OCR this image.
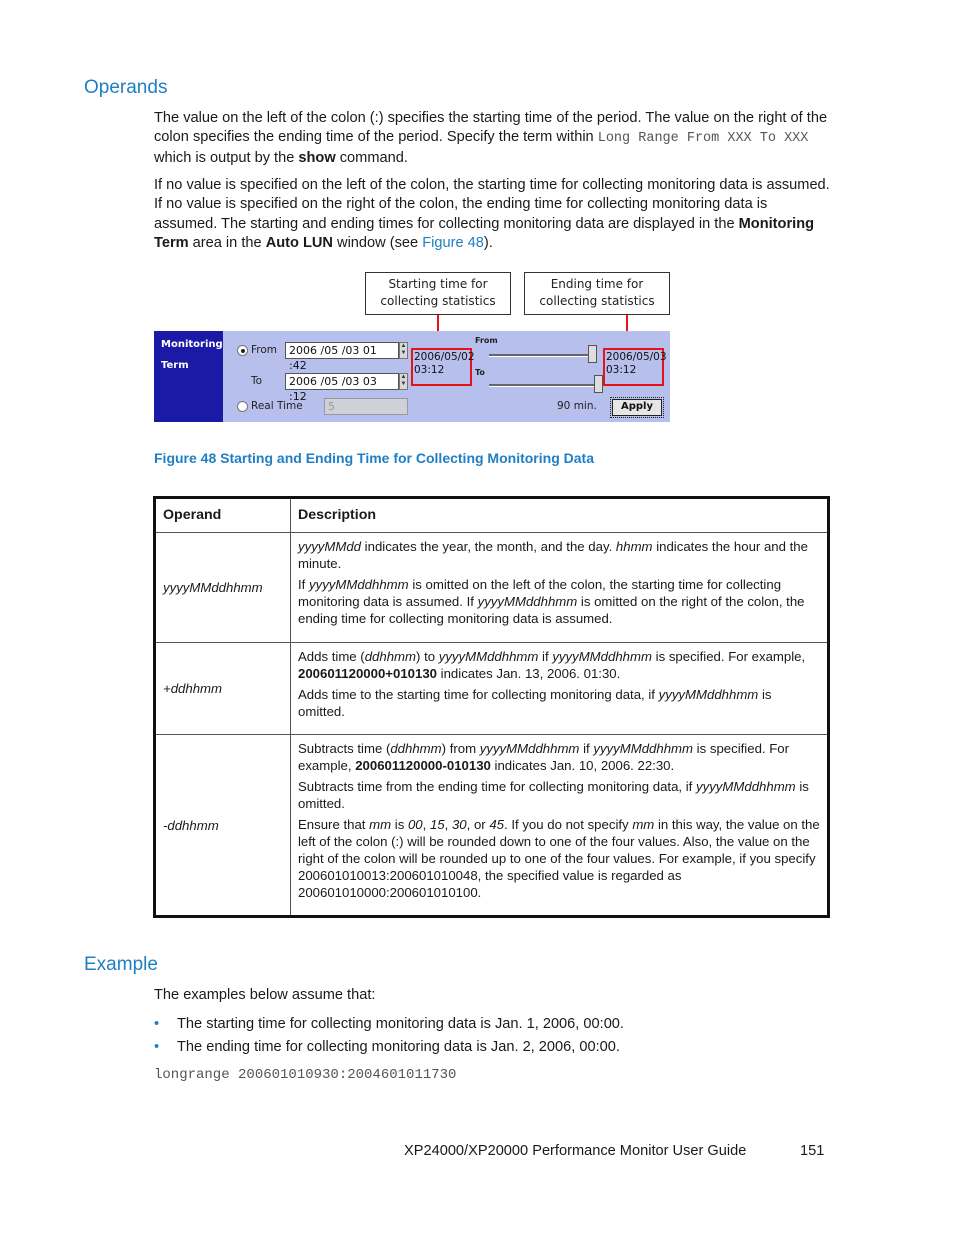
Operands

The value on the left of the colon (:) specifies the starting time of the period. The value on the right of the colon specifies the ending time of the period. Specify the term within Long Range From XXX To XXX which is output by the show command.

If no value is specified on the left of the colon, the starting time for collecting monitoring data is assumed. If no value is specified on the right of the colon, the ending time for collecting monitoring data is assumed. The starting and ending times for collecting monitoring data are displayed in the Monitoring Term area in the Auto LUN window (see Figure 48).

Starting time for
collecting statistics
Ending time for
collecting statistics
Monitoring
Term
From	2006 /05 /03 01 :42
▲
▼
To	2006 /05 /03 03 :12
▲
▼
Real Time	5
2006/05/02
03:12
From
To
2006/05/03
03:12
90 min.	Apply
Figure 48 Starting and Ending Time for Collecting Monitoring Data
Operand	Description
yyyyMMddhhmm	yyyyMMdd indicates the year, the month, and the day. hhmm indicates the hour and the minute.

If yyyyMMddhhmm is omitted on the left of the colon, the starting time for collecting monitoring data is assumed. If yyyyMMddhhmm is omitted on the right of the colon, the ending time for collecting monitoring data is assumed.

+ddhhmm	Adds time (ddhhmm) to yyyyMMddhhmm if yyyyMMddhhmm is specified. For example, 200601120000+010130 indicates Jan. 13, 2006. 01:30.

Adds time to the starting time for collecting monitoring data, if yyyyMMddhhmm is omitted.

-ddhhmm	Subtracts time (ddhhmm) from yyyyMMddhhmm if yyyyMMddhhmm is specified. For example, 200601120000-010130 indicates Jan. 10, 2006. 22:30.

Subtracts time from the ending time for collecting monitoring data, if yyyyMMddhhmm is omitted.

Ensure that mm is 00, 15, 30, or 45. If you do not specify mm in this way, the value on the left of the colon (:) will be rounded down to one of the four values. Also, the value on the right of the colon will be rounded up to one of the four values. For example, if you specify 200601010013:200601010048, the specified value is regarded as 200601010000:200601010100.

Example

The examples below assume that:

• The starting time for collecting monitoring data is Jan. 1, 2006, 00:00.
• The ending time for collecting monitoring data is Jan. 2, 2006, 00:00.
longrange 200601010930:2004601011730
XP24000/XP20000 Performance Monitor User Guide	151
